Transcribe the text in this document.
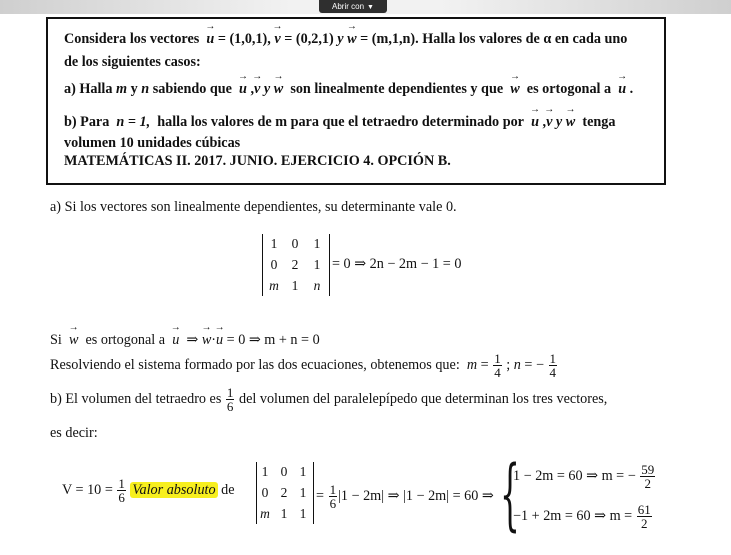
Abrir con ▼
Considera los vectores → u = (1,0,1), → v = (0,2,1) y → w = (m,1,n). Halla los valores de α en cada uno
de los siguientes casos:
a) Halla m y n sabiendo que → u ,→ v y → w son linealmente dependientes y que → w es ortogonal a → u .
b) Para n = 1, halla los valores de m para que el tetraedro determinado por → u ,→ v y → w tenga
volumen 10 unidades cúbicas
MATEMÁTICAS II. 2017. JUNIO. EJERCICIO 4. OPCIÓN B.
a) Si los vectores son linealmente dependientes, su determinante vale 0.
1 0 1
0 2 1
m 1 n
= 0 ⇒ 2n − 2m − 1 = 0
Si → w es ortogonal a → u  ⇒ → w·→ u = 0 ⇒ m + n = 0
Resolviendo el sistema formado por las dos ecuaciones, obtenemos que: $m = \frac{1}{4}$ ; n = − $\frac{1}{4}$
b) El volumen del tetraedro es $\frac{1}{6}$ del volumen del paralelepípedo que determinan los tres vectores,
es decir:
$V = 10 = \frac{1}{6}$ Valor absoluto de
1 0 1
0 2 1
m 1 1
= $\frac{1}{6} |1 - 2m|$ ⇒ |1 − 2m| = 60 ⇒ {
1 − 2m = 60 ⇒ m = − $\frac{59}{2}$
−1 + 2m = 60 ⇒ $m = \frac{61}{2}$
